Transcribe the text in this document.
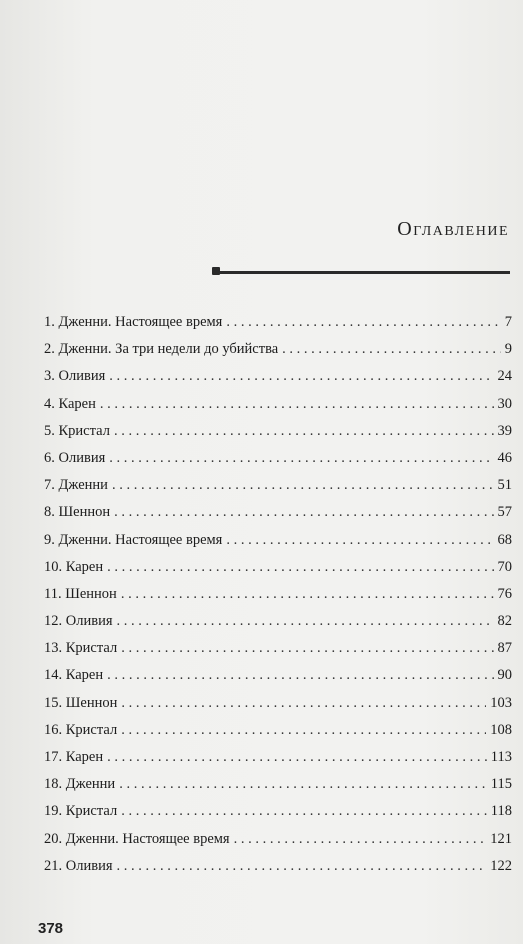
Оглавление
1. Дженни. Настоящее время . . .	7
2. Дженни. За три недели до убийства . . .	9
3. Оливия . . .	24
4. Карен . . .	30
5. Кристал . . .	39
6. Оливия . . .	46
7. Дженни . . .	51
8. Шеннон . . .	57
9. Дженни. Настоящее время . . .	68
10. Карен . . .	70
11. Шеннон . . .	76
12. Оливия . . .	82
13. Кристал . . .	87
14. Карен . . .	90
15. Шеннон . . .	103
16. Кристал . . .	108
17. Карен . . .	113
18. Дженни . . .	115
19. Кристал . . .	118
20. Дженни. Настоящее время . . .	121
21. Оливия . . .	122
378
